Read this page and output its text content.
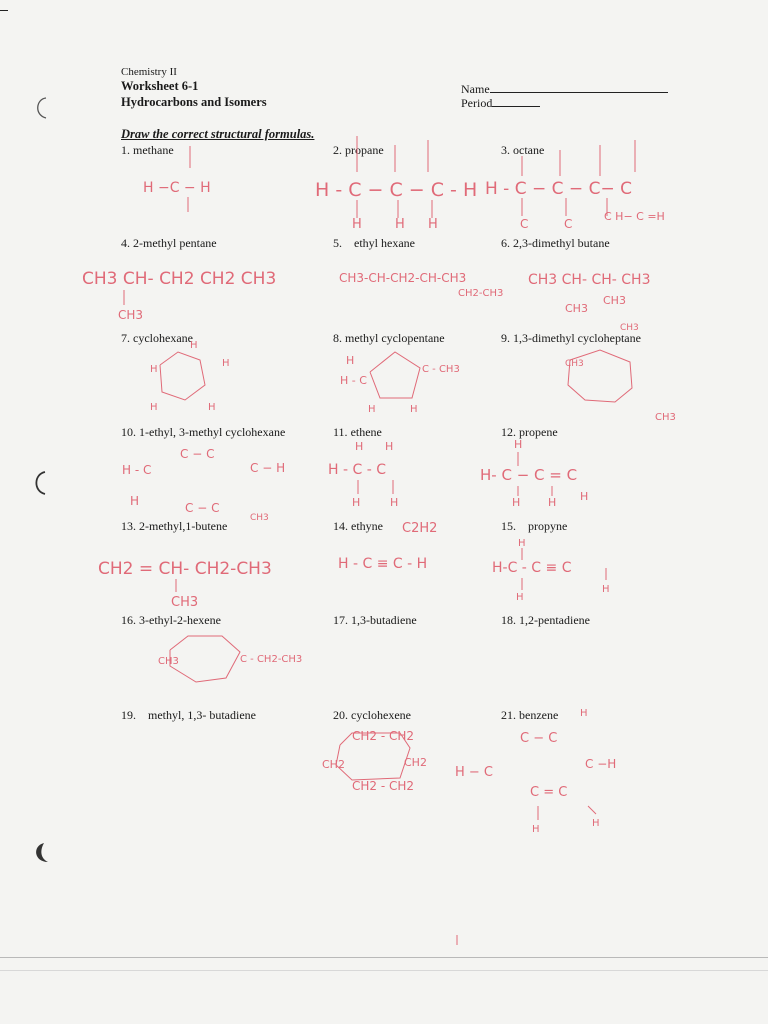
Chemistry II
Worksheet 6-1
Hydrocarbons and Isomers
Name
Period
Draw the correct structural formulas.
1. methane	2. propane	3. octane
4. 2-methyl pentane	5. ethyl hexane	6. 2,3-dimethyl butane
7. cyclohexane	8. methyl cyclopentane	9. 1,3-dimethyl cycloheptane
10. 1-ethyl, 3-methyl cyclohexane	11. ethene	12. propene
13. 2-methyl,1-butene	14. ethyne	15. propyne
16. 3-ethyl-2-hexene	17. 1,3-butadiene	18. 1,2-pentadiene
19. methyl, 1,3- butadiene	20. cyclohexene	21. benzene
H −C − H	H - C − C − C - H
H	H H
H - C − C − C− C
C	C
C H− C =H
CH3 CH- CH2 CH2 CH3
CH3
CH3-CH-CH2-CH-CH3
CH2-CH3
CH3 CH- CH- CH3
CH3
CH3
H
H
H	H
H
H
H - C
C - CH3
H	H
CH3
CH3
CH3
H - C
C − C
C − H
H	C − C
CH3
H - C - C
H	H
H H
H- C − C = C
H
H	H H
CH2 = CH- CH2-CH3
CH3
C2H2
H - C ≡ C - H	H-C - C ≡ C
H
H
H
C - CH2-CH3
CH3
CH2 - CH2
CH2 - CH2
CH2	CH2
H − C
C − C
C −H
C = C
H
H
H
